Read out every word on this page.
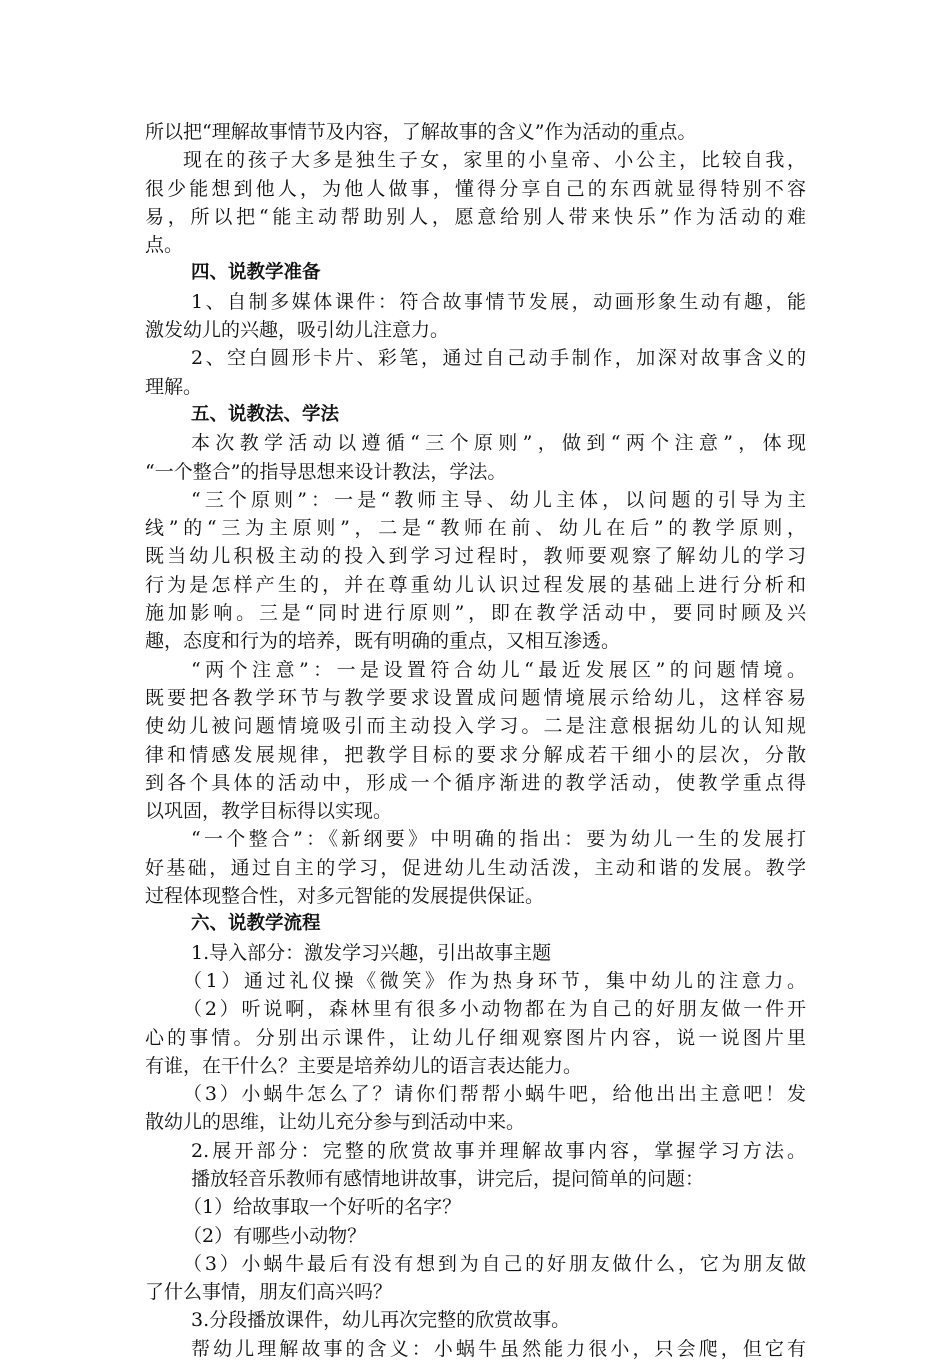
所以把“理解故事情节及内容，了解故事的含义”作为活动的重点。
现在的孩子大多是独生子女，家里的小皇帝、小公主，比较自我，
很少能想到他人，为他人做事，懂得分享自己的东西就显得特别不容
易，所以把“能主动帮助别人，愿意给别人带来快乐”作为活动的难
点。
四、说教学准备
1、自制多媒体课件：符合故事情节发展，动画形象生动有趣，能
激发幼儿的兴趣，吸引幼儿注意力。
2、空白圆形卡片、彩笔，通过自己动手制作，加深对故事含义的
理解。
五、说教法、学法
本次教学活动以遵循“三个原则”，做到“两个注意”，体现
“一个整合”的指导思想来设计教法，学法。
“三个原则”：一是“教师主导、幼儿主体，以问题的引导为主
线”的“三为主原则”，二是“教师在前、幼儿在后”的教学原则，
既当幼儿积极主动的投入到学习过程时，教师要观察了解幼儿的学习
行为是怎样产生的，并在尊重幼儿认识过程发展的基础上进行分析和
施加影响。三是“同时进行原则”，即在教学活动中，要同时顾及兴
趣，态度和行为的培养，既有明确的重点，又相互渗透。
“两个注意”：一是设置符合幼儿“最近发展区”的问题情境。
既要把各教学环节与教学要求设置成问题情境展示给幼儿，这样容易
使幼儿被问题情境吸引而主动投入学习。二是注意根据幼儿的认知规
律和情感发展规律，把教学目标的要求分解成若干细小的层次，分散
到各个具体的活动中，形成一个循序渐进的教学活动，使教学重点得
以巩固，教学目标得以实现。
“一个整合”：《新纲要》中明确的指出：要为幼儿一生的发展打
好基础，通过自主的学习，促进幼儿生动活泼，主动和谐的发展。教学
过程体现整合性，对多元智能的发展提供保证。
六、说教学流程
1.导入部分：激发学习兴趣，引出故事主题
（1）通过礼仪操《微笑》作为热身环节，集中幼儿的注意力。
（2）听说啊，森林里有很多小动物都在为自己的好朋友做一件开
心的事情。分别出示课件，让幼儿仔细观察图片内容，说一说图片里
有谁，在干什么？主要是培养幼儿的语言表达能力。
（3）小蜗牛怎么了？请你们帮帮小蜗牛吧，给他出出主意吧！发
散幼儿的思维，让幼儿充分参与到活动中来。
2.展开部分：完整的欣赏故事并理解故事内容，掌握学习方法。
播放轻音乐教师有感情地讲故事，讲完后，提问简单的问题：
（1）给故事取一个好听的名字？
（2）有哪些小动物？
（3）小蜗牛最后有没有想到为自己的好朋友做什么，它为朋友做
了什么事情，朋友们高兴吗？
3.分段播放课件，幼儿再次完整的欣赏故事。
帮幼儿理解故事的含义：小蜗牛虽然能力很小，只会爬，但它有
